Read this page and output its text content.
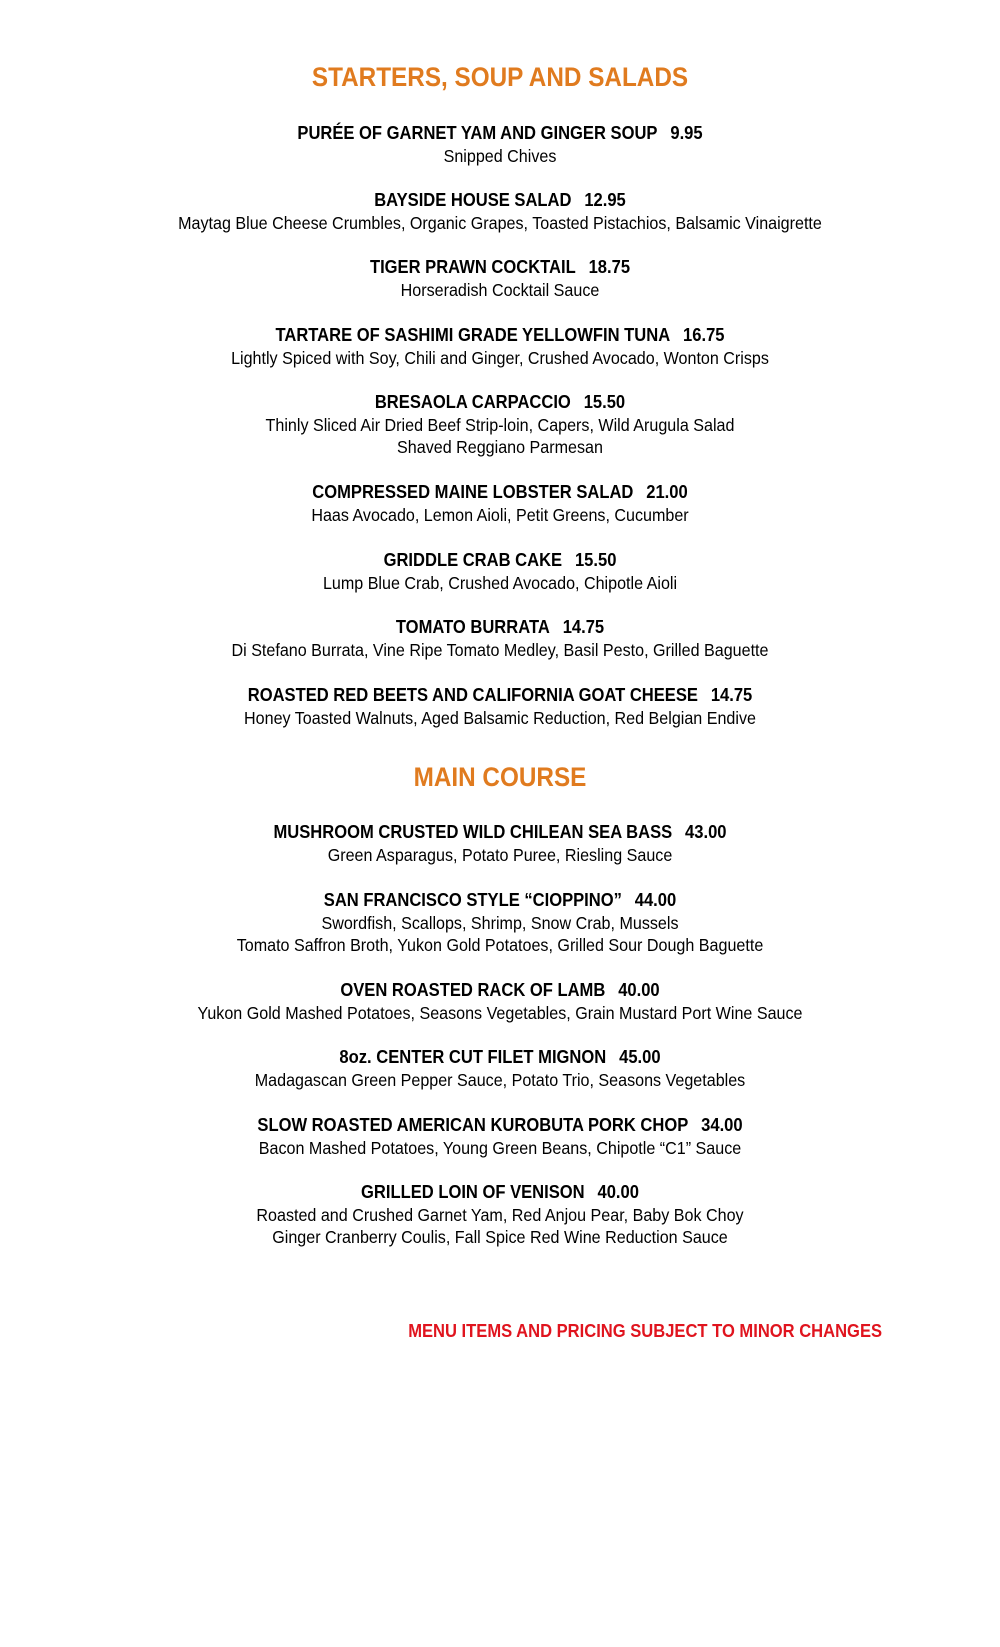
STARTERS, SOUP AND SALADS
PURÉE OF GARNET YAM AND GINGER SOUP 9.95
Snipped Chives
BAYSIDE HOUSE SALAD 12.95
Maytag Blue Cheese Crumbles, Organic Grapes, Toasted Pistachios, Balsamic Vinaigrette
TIGER PRAWN COCKTAIL 18.75
Horseradish Cocktail Sauce
TARTARE OF SASHIMI GRADE YELLOWFIN TUNA 16.75
Lightly Spiced with Soy, Chili and Ginger, Crushed Avocado, Wonton Crisps
BRESAOLA CARPACCIO 15.50
Thinly Sliced Air Dried Beef Strip-loin, Capers, Wild Arugula Salad
Shaved Reggiano Parmesan
COMPRESSED MAINE LOBSTER SALAD 21.00
Haas Avocado, Lemon Aioli, Petit Greens, Cucumber
GRIDDLE CRAB CAKE 15.50
Lump Blue Crab, Crushed Avocado, Chipotle Aioli
TOMATO BURRATA 14.75
Di Stefano Burrata, Vine Ripe Tomato Medley, Basil Pesto, Grilled Baguette
ROASTED RED BEETS AND CALIFORNIA GOAT CHEESE 14.75
Honey Toasted Walnuts, Aged Balsamic Reduction, Red Belgian Endive
MAIN COURSE
MUSHROOM CRUSTED WILD CHILEAN SEA BASS 43.00
Green Asparagus, Potato Puree, Riesling Sauce
SAN FRANCISCO STYLE “CIOPPINO” 44.00
Swordfish, Scallops, Shrimp, Snow Crab, Mussels
Tomato Saffron Broth, Yukon Gold Potatoes, Grilled Sour Dough Baguette
OVEN ROASTED RACK OF LAMB 40.00
Yukon Gold Mashed Potatoes, Seasons Vegetables, Grain Mustard Port Wine Sauce
8oz. CENTER CUT FILET MIGNON 45.00
Madagascan Green Pepper Sauce, Potato Trio, Seasons Vegetables
SLOW ROASTED AMERICAN KUROBUTA PORK CHOP 34.00
Bacon Mashed Potatoes, Young Green Beans, Chipotle “C1” Sauce
GRILLED LOIN OF VENISON 40.00
Roasted and Crushed Garnet Yam, Red Anjou Pear, Baby Bok Choy
Ginger Cranberry Coulis, Fall Spice Red Wine Reduction Sauce
MENU ITEMS AND PRICING SUBJECT TO MINOR CHANGES
